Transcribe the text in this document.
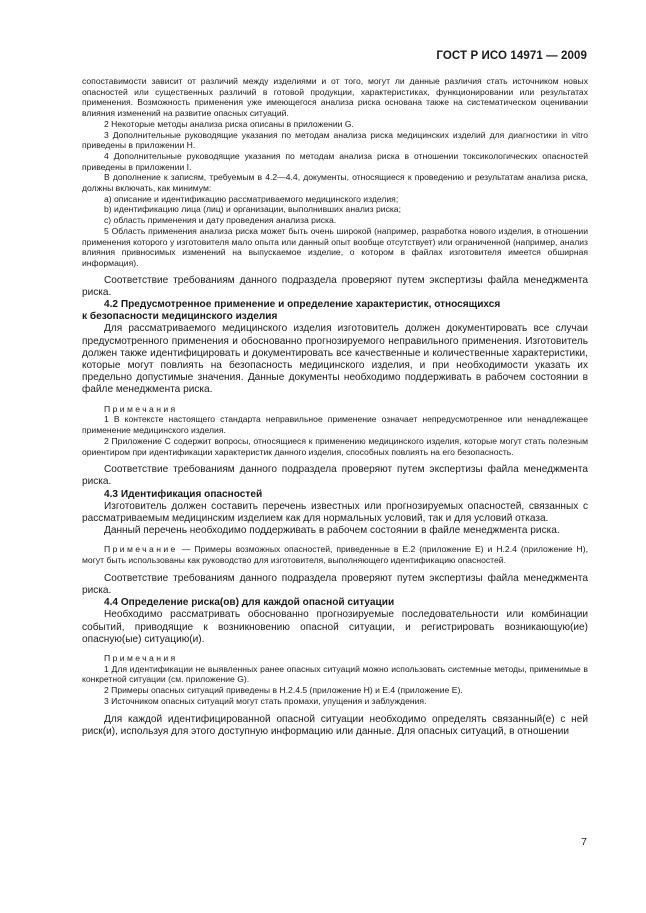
ГОСТ Р ИСО 14971 — 2009

сопоставимости зависит от различий между изделиями и от того, могут ли данные различия стать источником новых опасностей или существенных различий в готовой продукции, характеристиках, функционировании или результатах применения. Возможность применения уже имеющегося анализа риска основана также на систематическом оценивании влияния изменений на развитие опасных ситуаций.

2 Некоторые методы анализа риска описаны в приложении G.

3 Дополнительные руководящие указания по методам анализа риска медицинских изделий для диагностики in vitro приведены в приложении Н.

4 Дополнительные руководящие указания по методам анализа риска в отношении токсикологических опасностей приведены в приложении I.

В дополнение к записям, требуемым в 4.2—4.4, документы, относящиеся к проведению и результатам анализа риска, должны включать, как минимум:

a) описание и идентификацию рассматриваемого медицинского изделия;

b) идентификацию лица (лиц) и организации, выполнивших анализ риска;

c) область применения и дату проведения анализа риска.

5 Область применения анализа риска может быть очень широкой (например, разработка нового изделия, в отношении применения которого у изготовителя мало опыта или данный опыт вообще отсутствует) или ограниченной (например, анализ влияния привносимых изменений на выпускаемое изделие, о котором в файлах изготовителя имеется обширная информация).

Соответствие требованиям данного подраздела проверяют путем экспертизы файла менеджмента риска.

4.2 Предусмотренное применение и определение характеристик, относящихся

к безопасности медицинского изделия

Для рассматриваемого медицинского изделия изготовитель должен документировать все случаи предусмотренного применения и обоснованно прогнозируемого неправильного применения. Изготовитель должен также идентифицировать и документировать все качественные и количественные характеристики, которые могут повлиять на безопасность медицинского изделия, и при необходимости указать их предельно допустимые значения. Данные документы необходимо поддерживать в рабочем состоянии в файле менеджмента риска.

Примечания

1 В контексте настоящего стандарта неправильное применение означает непредусмотренное или ненадлежащее применение медицинского изделия.

2 Приложение С содержит вопросы, относящиеся к применению медицинского изделия, которые могут стать полезным ориентиром при идентификации характеристик данного изделия, способных повлиять на его безопасность.

Соответствие требованиям данного подраздела проверяют путем экспертизы файла менеджмента риска.

4.3 Идентификация опасностей

Изготовитель должен составить перечень известных или прогнозируемых опасностей, связанных с рассматриваемым медицинским изделием как для нормальных условий, так и для условий отказа.

Данный перечень необходимо поддерживать в рабочем состоянии в файле менеджмента риска.

Примечание — Примеры возможных опасностей, приведенные в Е.2 (приложение Е) и Н.2.4 (приложение Н), могут быть использованы как руководство для изготовителя, выполняющего идентификацию опасностей.

Соответствие требованиям данного подраздела проверяют путем экспертизы файла менеджмента риска.

4.4 Определение риска(ов) для каждой опасной ситуации

Необходимо рассматривать обоснованно прогнозируемые последовательности или комбинации событий, приводящие к возникновению опасной ситуации, и регистрировать возникающую(ие) опасную(ые) ситуацию(и).

Примечания

1 Для идентификации не выявленных ранее опасных ситуаций можно использовать системные методы, применимые в конкретной ситуации (см. приложение G).

2 Примеры опасных ситуаций приведены в Н.2.4.5 (приложение Н) и Е.4 (приложение Е).

3 Источником опасных ситуаций могут стать промахи, упущения и заблуждения.

Для каждой идентифицированной опасной ситуации необходимо определять связанный(е) с ней риск(и), используя для этого доступную информацию или данные. Для опасных ситуаций, в отношении

7
